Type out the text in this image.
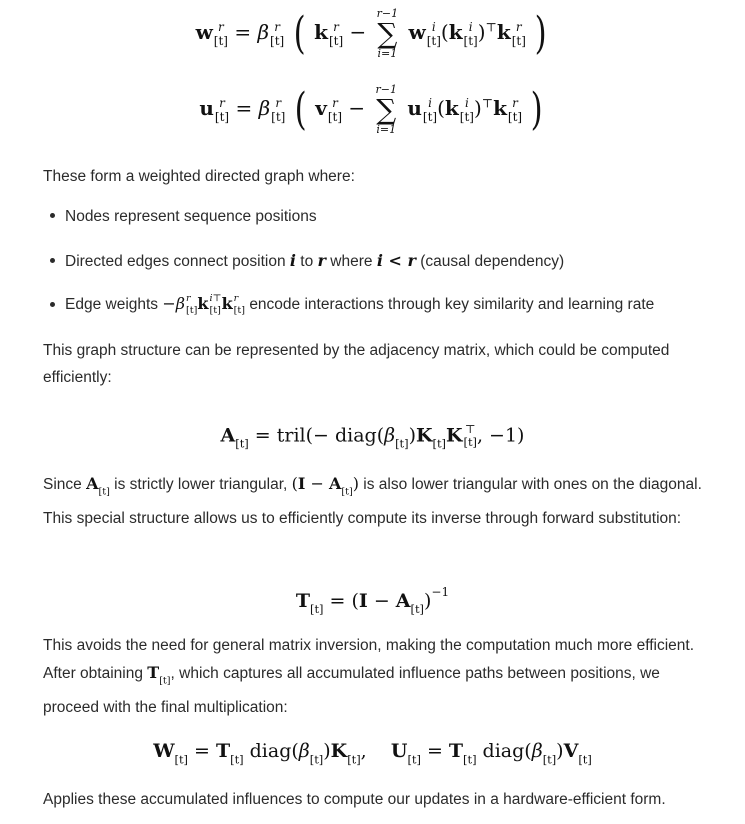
w r
[t] = β r
[t] ( k r
[t] −
r−1
∑
i=1
w i
[t] (k i
[t] )⊤k r
[t] )
u r
[t] = β r
[t] ( v r
[t] −
r−1
∑
i=1
u i
[t] (k i
[t] )⊤k r
[t] )
These form a weighted directed graph where:
Nodes represent sequence positions
Directed edges connect position i to r where i < r (causal dependency)
Edge weights −β r
[t] k i⊤
[t] k r
[t] encode interactions through key similarity and learning rate
This graph structure can be represented by the adjacency matrix, which could be computed efficiently:
$A_{[t]}$ = tril(− $diag(\beta_{[t]})K_{[t]}K$ ⊤
[t] , −1)
Since $A_{[t]}$ is strictly lower triangular, $(I - A_{[t]})$ is also lower triangular with ones on the diagonal. This special structure allows us to efficiently compute its inverse through forward substitution:
$T_{[t]} = (I - A_{[t]})^{-1}$
This avoids the need for general matrix inversion, making the computation much more efficient.
After obtaining $T_{[t]}$, which captures all accumulated influence paths between positions, we
proceed with the final multiplication:
$W_{[t]} = T_{[t]}$ $diag(\beta_{[t]})K_{[t]}$,    $U_{[t]} = T_{[t]}$ $diag(\beta_{[t]})V_{[t]}$
Applies these accumulated influences to compute our updates in a hardware-efficient form.
